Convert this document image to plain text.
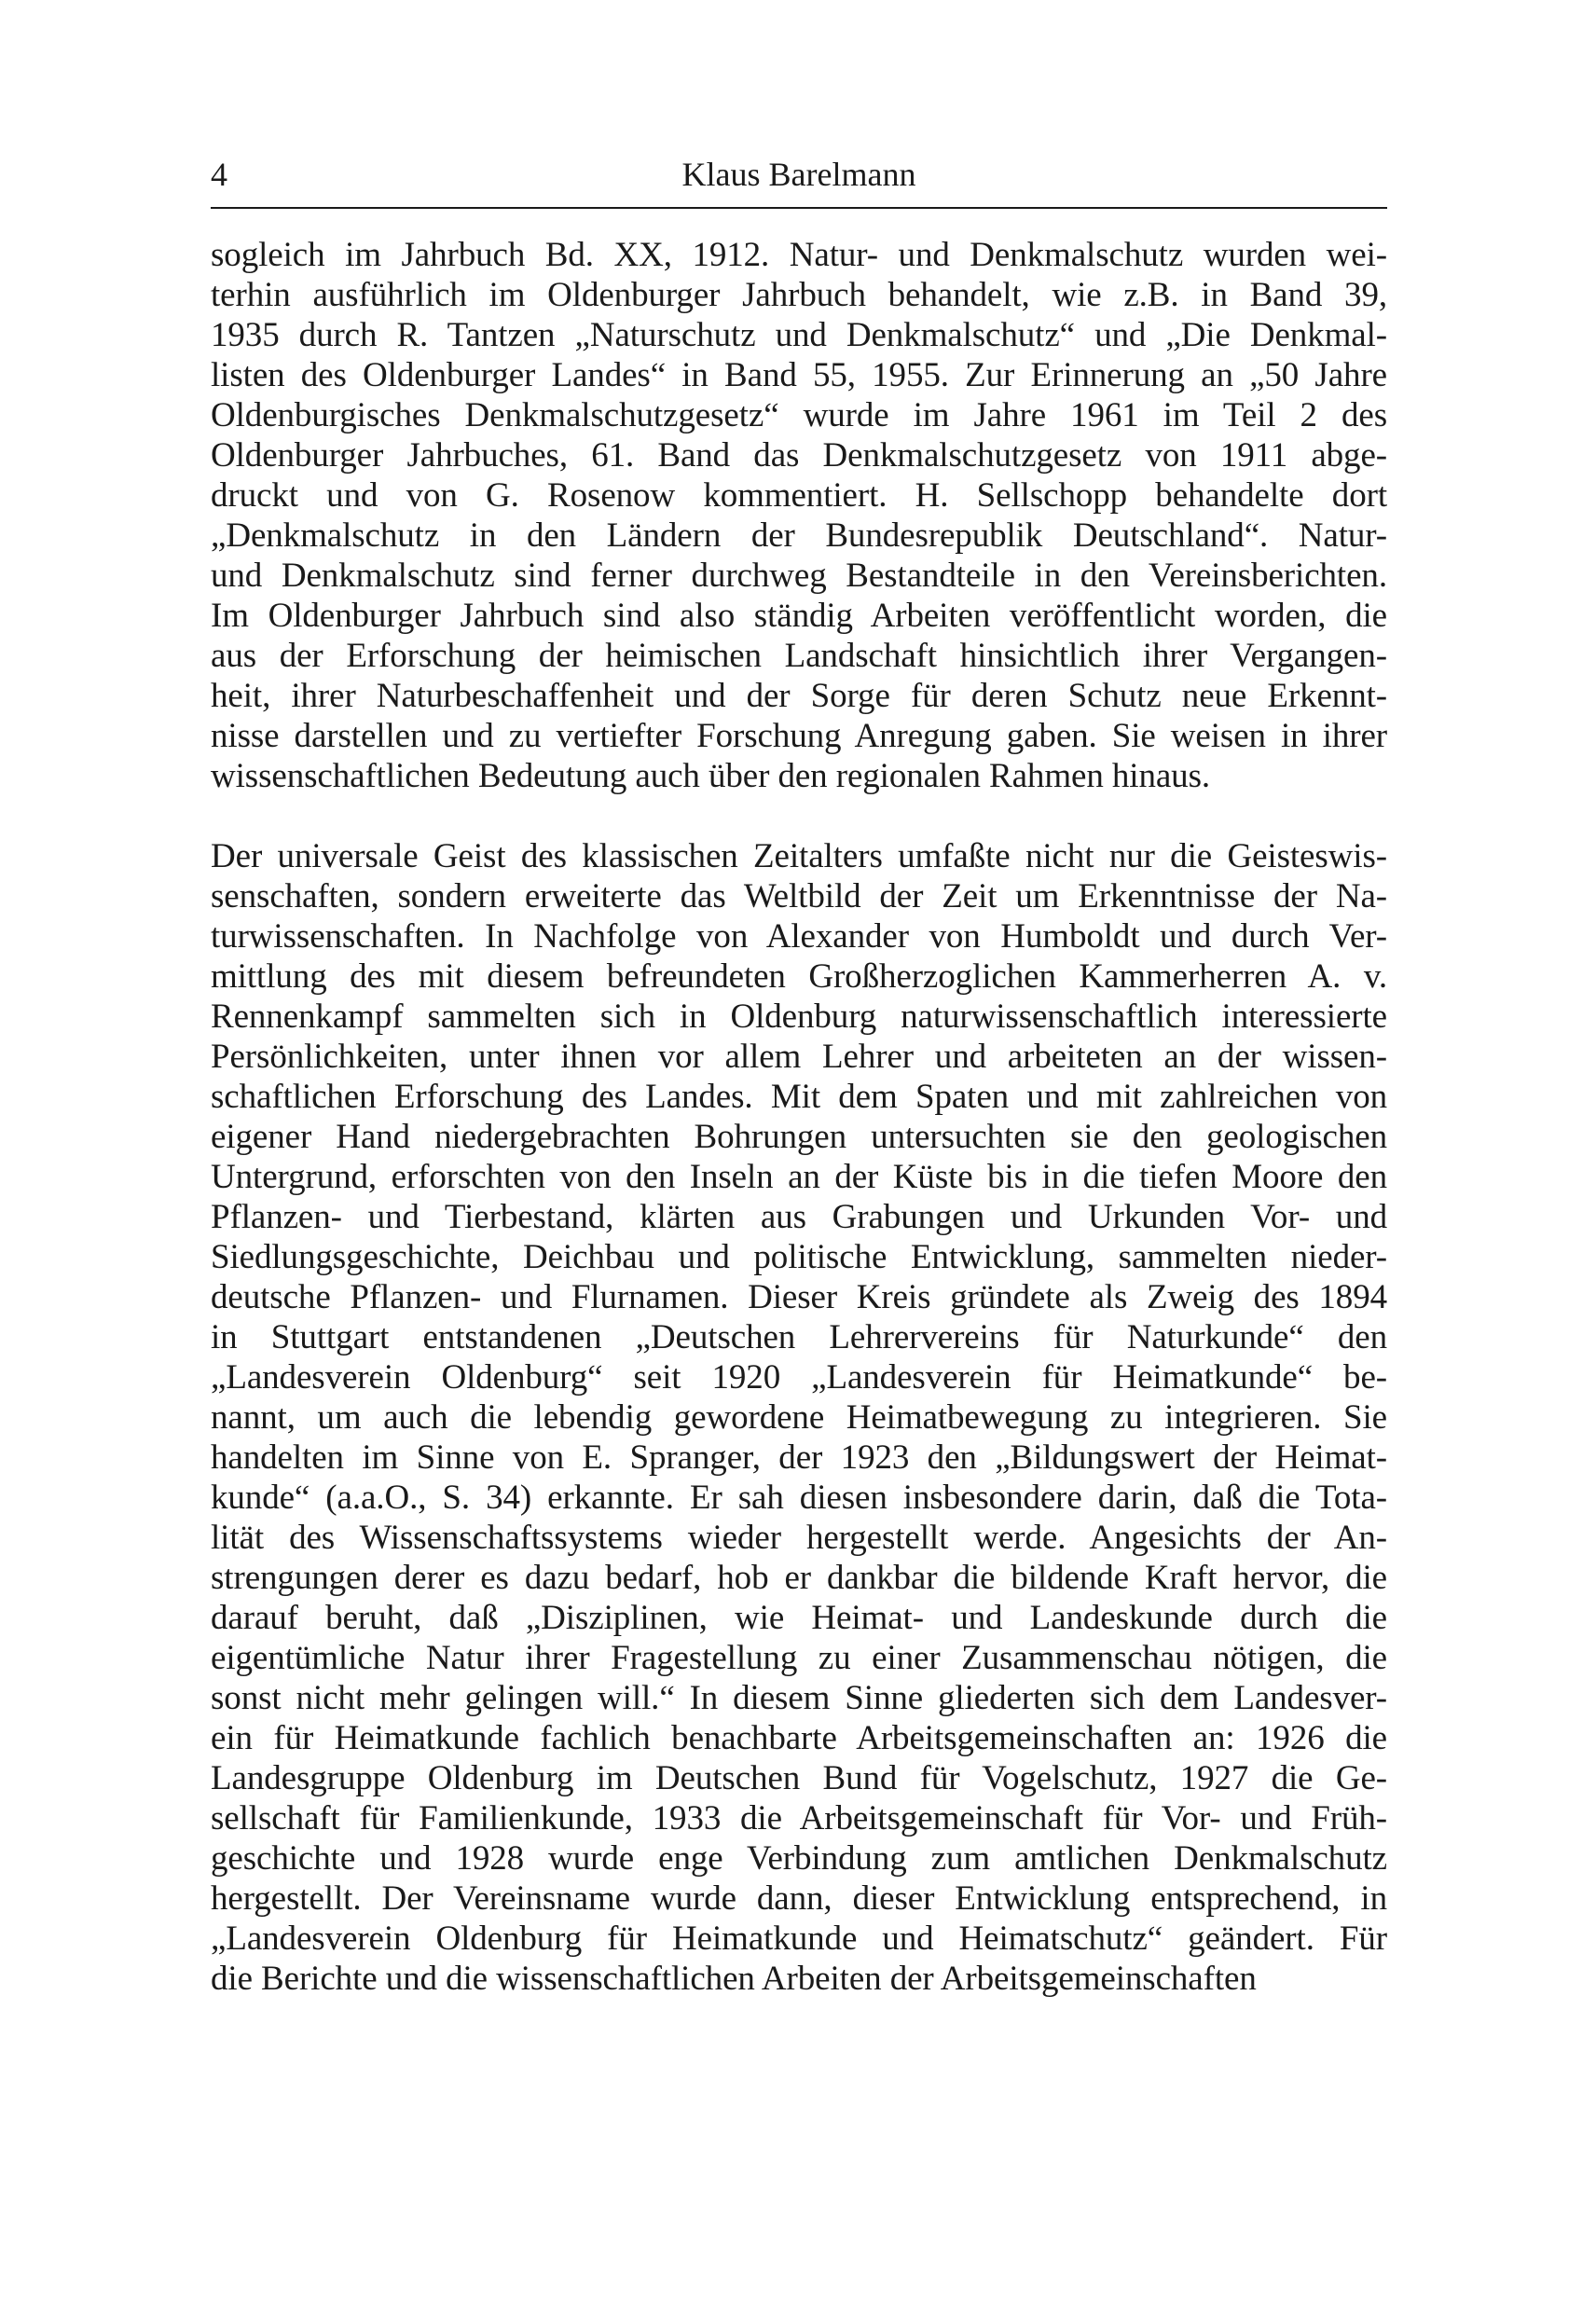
4	Klaus Barelmann

sogleich im Jahrbuch Bd. XX, 1912. Natur- und Denkmalschutz wurden wei-
terhin ausführlich im Oldenburger Jahrbuch behandelt, wie z.B. in Band 39,
1935 durch R. Tantzen „Naturschutz und Denkmalschutz“ und „Die Denkmal-
listen des Oldenburger Landes“ in Band 55, 1955. Zur Erinnerung an „50 Jahre
Oldenburgisches Denkmalschutzgesetz“ wurde im Jahre 1961 im Teil 2 des
Oldenburger Jahrbuches, 61. Band das Denkmalschutzgesetz von 1911 abge-
druckt und von G. Rosenow kommentiert. H. Sellschopp behandelte dort
„Denkmalschutz in den Ländern der Bundesrepublik Deutschland“. Natur-
und Denkmalschutz sind ferner durchweg Bestandteile in den Vereinsberichten.
Im Oldenburger Jahrbuch sind also ständig Arbeiten veröffentlicht worden, die
aus der Erforschung der heimischen Landschaft hinsichtlich ihrer Vergangen-
heit, ihrer Naturbeschaffenheit und der Sorge für deren Schutz neue Erkennt-
nisse darstellen und zu vertiefter Forschung Anregung gaben. Sie weisen in ihrer
wissenschaftlichen Bedeutung auch über den regionalen Rahmen hinaus.

Der universale Geist des klassischen Zeitalters umfaßte nicht nur die Geisteswis-
senschaften, sondern erweiterte das Weltbild der Zeit um Erkenntnisse der Na-
turwissenschaften. In Nachfolge von Alexander von Humboldt und durch Ver-
mittlung des mit diesem befreundeten Großherzoglichen Kammerherren A. v.
Rennenkampf sammelten sich in Oldenburg naturwissenschaftlich interessierte
Persönlichkeiten, unter ihnen vor allem Lehrer und arbeiteten an der wissen-
schaftlichen Erforschung des Landes. Mit dem Spaten und mit zahlreichen von
eigener Hand niedergebrachten Bohrungen untersuchten sie den geologischen
Untergrund, erforschten von den Inseln an der Küste bis in die tiefen Moore den
Pflanzen- und Tierbestand, klärten aus Grabungen und Urkunden Vor- und
Siedlungsgeschichte, Deichbau und politische Entwicklung, sammelten nieder-
deutsche Pflanzen- und Flurnamen. Dieser Kreis gründete als Zweig des 1894
in Stuttgart entstandenen „Deutschen Lehrervereins für Naturkunde“ den
„Landesverein Oldenburg“ seit 1920 „Landesverein für Heimatkunde“ be-
nannt, um auch die lebendig gewordene Heimatbewegung zu integrieren. Sie
handelten im Sinne von E. Spranger, der 1923 den „Bildungswert der Heimat-
kunde“ (a.a.O., S. 34) erkannte. Er sah diesen insbesondere darin, daß die Tota-
lität des Wissenschaftssystems wieder hergestellt werde. Angesichts der An-
strengungen derer es dazu bedarf, hob er dankbar die bildende Kraft hervor, die
darauf beruht, daß „Disziplinen, wie Heimat- und Landeskunde durch die
eigentümliche Natur ihrer Fragestellung zu einer Zusammenschau nötigen, die
sonst nicht mehr gelingen will.“ In diesem Sinne gliederten sich dem Landesver-
ein für Heimatkunde fachlich benachbarte Arbeitsgemeinschaften an: 1926 die
Landesgruppe Oldenburg im Deutschen Bund für Vogelschutz, 1927 die Ge-
sellschaft für Familienkunde, 1933 die Arbeitsgemeinschaft für Vor- und Früh-
geschichte und 1928 wurde enge Verbindung zum amtlichen Denkmalschutz
hergestellt. Der Vereinsname wurde dann, dieser Entwicklung entsprechend, in
„Landesverein Oldenburg für Heimatkunde und Heimatschutz“ geändert. Für
die Berichte und die wissenschaftlichen Arbeiten der Arbeitsgemeinschaften
